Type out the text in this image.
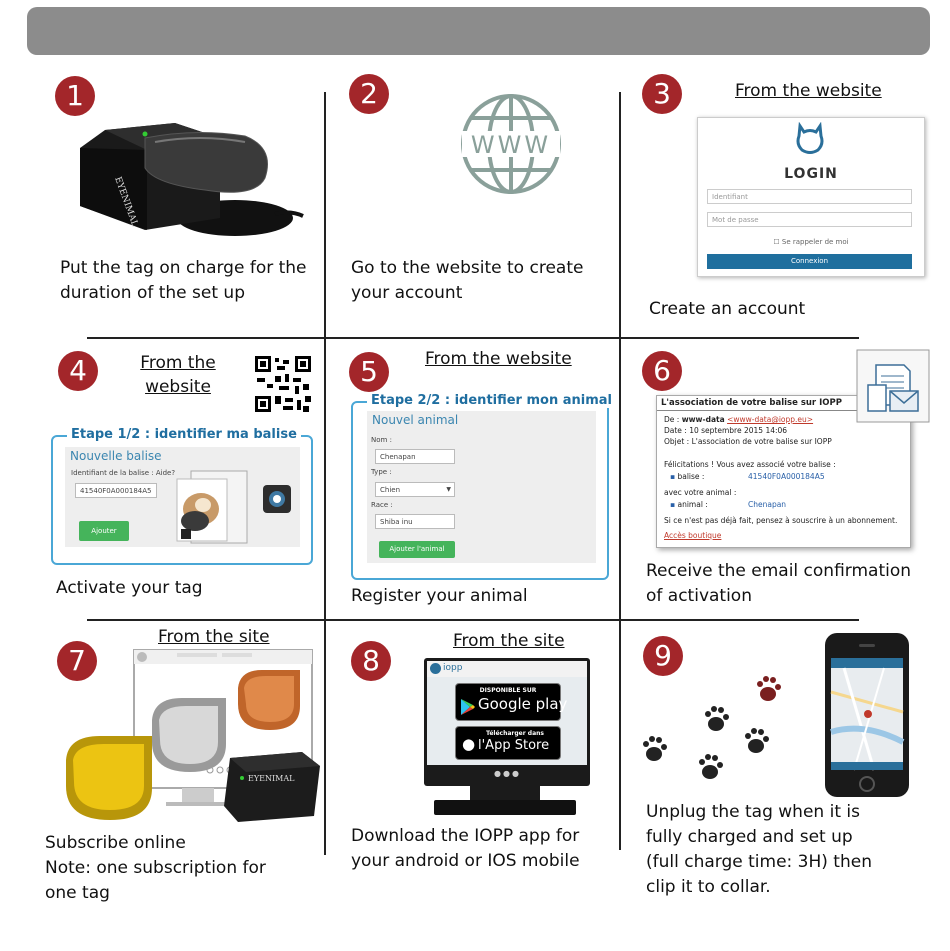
1
EYENIMAL
Put the tag on charge for the
duration of the set up
2
WWW
Go to the website to create
your account
3	From the website
LOGIN
Identifiant
Mot de passe
☐ Se rappeler de moi
Connexion
Create an account
4	From the
website
Etape 1/2 : identifier ma balise
Nouvelle balise
Identifiant de la balise : Aide?
41540F0A000184A5
Ajouter
Activate your tag
5	From the website
Etape 2/2 : identifier mon animal
Nouvel animal
Nom :
Chenapan
Type :
Chien	▼
Race :
Shiba inu
Ajouter l'animal
Register your animal
6
L'association de votre balise sur IOPP
De : www-data <www-data@iopp.eu>
Date : 10 septembre 2015 14:06
Objet : L'association de votre balise sur IOPP
Félicitations ! Vous avez associé votre balise :
▪ balise :	41540F0A000184A5
avec votre animal :
▪ animal :	Chenapan
Si ce n'est pas déjà fait, pensez à souscrire à un abonnement.
Accès boutique
Receive the email confirmation
of activation
7
From the site
EYENIMAL
Subscribe online
Note: one subscription for
one tag
8
From the site
iopp
●●●
DISPONIBLE SUR
Google play
Télécharger dans
● l'App Store
Download the IOPP app for
your android or IOS mobile
9
Unplug the tag when it is
fully charged and set up
(full charge time: 3H) then
clip it to collar.
